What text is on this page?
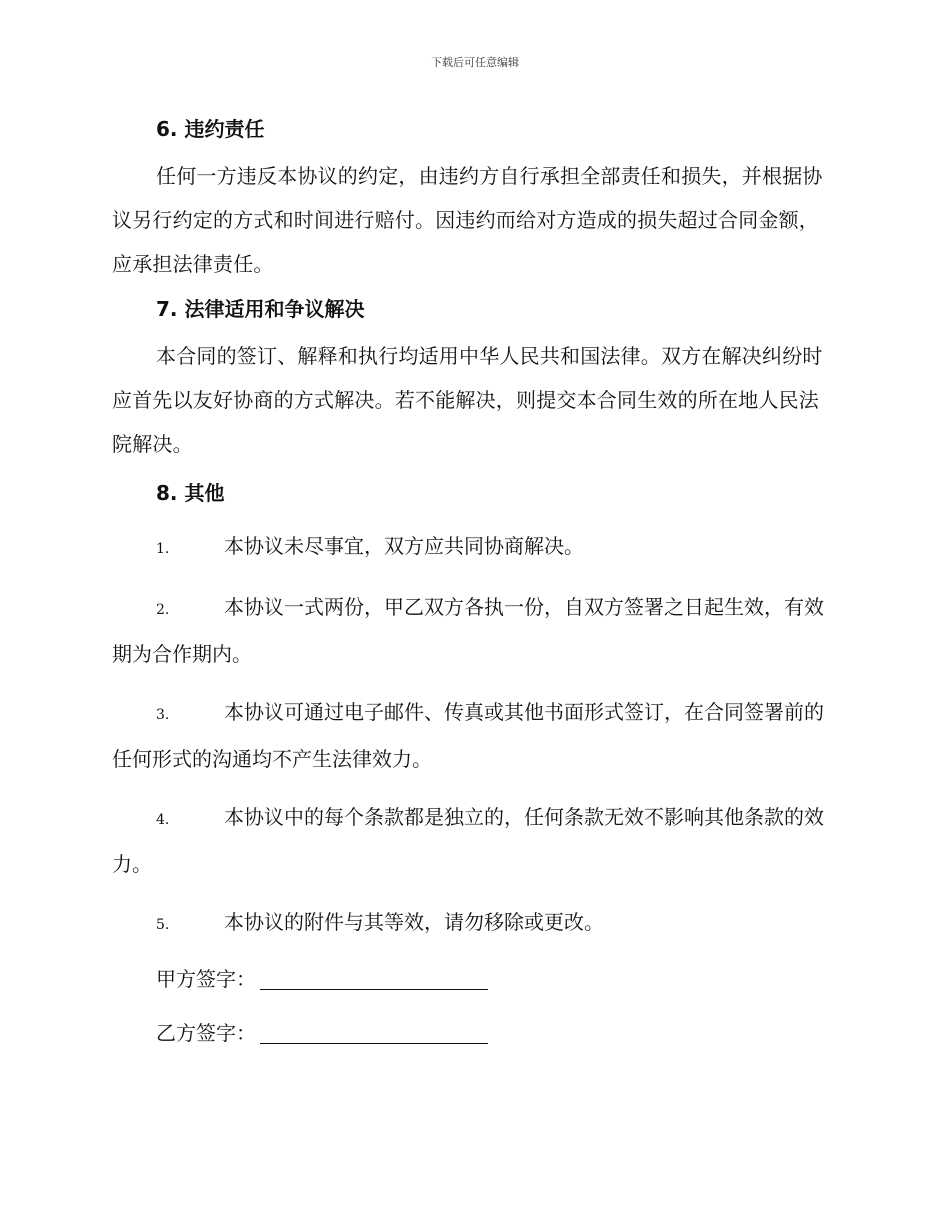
下载后可任意编辑
6. 违约责任

任何一方违反本协议的约定，由违约方自行承担全部责任和损失，并根据协议另行约定的方式和时间进行赔付。因违约而给对方造成的损失超过合同金额，应承担法律责任。

7. 法律适用和争议解决

本合同的签订、解释和执行均适用中华人民共和国法律。双方在解决纠纷时应首先以友好协商的方式解决。若不能解决，则提交本合同生效的所在地人民法院解决。

8. 其他
1.	本协议未尽事宜，双方应共同协商解决。
2.	本协议一式两份，甲乙双方各执一份，自双方签署之日起生效，有效期为合作期内。
3.	本协议可通过电子邮件、传真或其他书面形式签订，在合同签署前的任何形式的沟通均不产生法律效力。
4.	本协议中的每个条款都是独立的，任何条款无效不影响其他条款的效力。
5.	本协议的附件与其等效，请勿移除或更改。
甲方签字：
乙方签字：
